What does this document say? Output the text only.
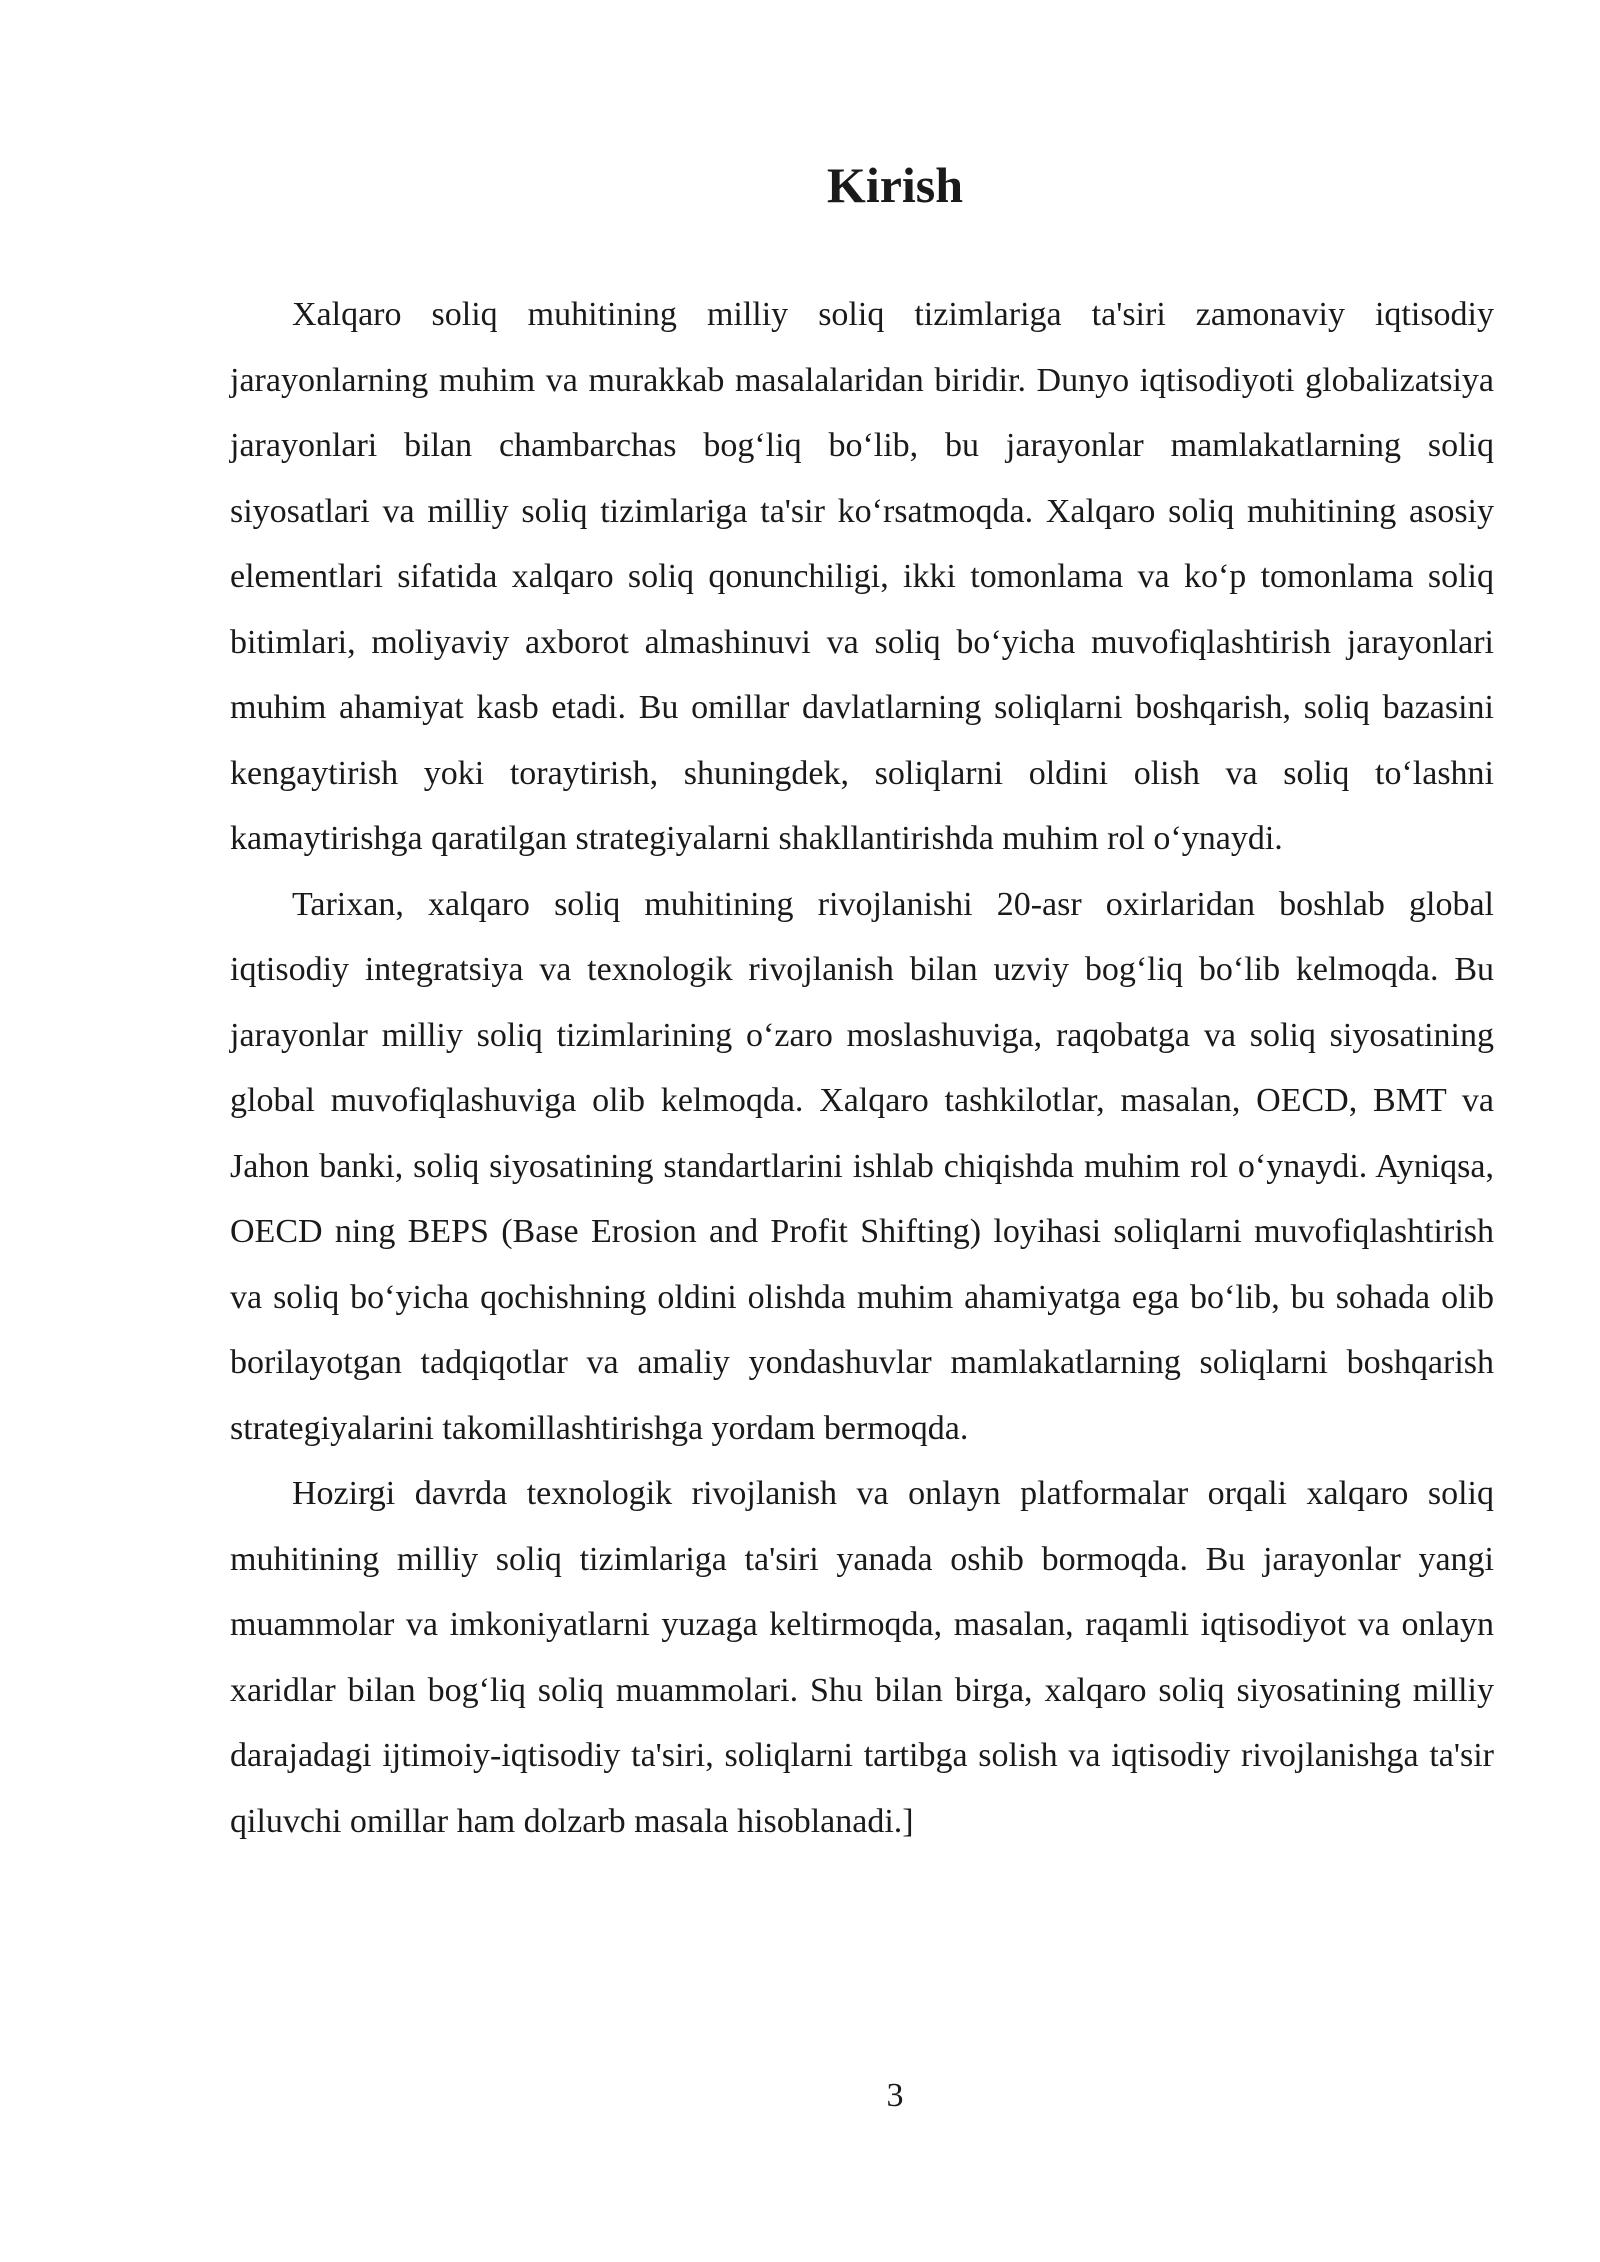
Kirish

Xalqaro soliq muhitining milliy soliq tizimlariga ta'siri zamonaviy iqtisodiy jarayonlarning muhim va murakkab masalalaridan biridir. Dunyo iqtisodiyoti globalizatsiya jarayonlari bilan chambarchas bog‘liq bo‘lib, bu jarayonlar mamlakatlarning soliq siyosatlari va milliy soliq tizimlariga ta'sir ko‘rsatmoqda. Xalqaro soliq muhitining asosiy elementlari sifatida xalqaro soliq qonunchiligi, ikki tomonlama va ko‘p tomonlama soliq bitimlari, moliyaviy axborot almashinuvi va soliq bo‘yicha muvofiqlashtirish jarayonlari muhim ahamiyat kasb etadi. Bu omillar davlatlarning soliqlarni boshqarish, soliq bazasini kengaytirish yoki toraytirish, shuningdek, soliqlarni oldini olish va soliq to‘lashni kamaytirishga qaratilgan strategiyalarni shakllantirishda muhim rol o‘ynaydi.

Tarixan, xalqaro soliq muhitining rivojlanishi 20-asr oxirlaridan boshlab global iqtisodiy integratsiya va texnologik rivojlanish bilan uzviy bog‘liq bo‘lib kelmoqda. Bu jarayonlar milliy soliq tizimlarining o‘zaro moslashuviga, raqobatga va soliq siyosatining global muvofiqlashuviga olib kelmoqda. Xalqaro tashkilotlar, masalan, OECD, BMT va Jahon banki, soliq siyosatining standartlarini ishlab chiqishda muhim rol o‘ynaydi. Ayniqsa, OECD ning BEPS (Base Erosion and Profit Shifting) loyihasi soliqlarni muvofiqlashtirish va soliq bo‘yicha qochishning oldini olishda muhim ahamiyatga ega bo‘lib, bu sohada olib borilayotgan tadqiqotlar va amaliy yondashuvlar mamlakatlarning soliqlarni boshqarish strategiyalarini takomillashtirishga yordam bermoqda.

Hozirgi davrda texnologik rivojlanish va onlayn platformalar orqali xalqaro soliq muhitining milliy soliq tizimlariga ta'siri yanada oshib bormoqda. Bu jarayonlar yangi muammolar va imkoniyatlarni yuzaga keltirmoqda, masalan, raqamli iqtisodiyot va onlayn xaridlar bilan bog‘liq soliq muammolari. Shu bilan birga, xalqaro soliq siyosatining milliy darajadagi ijtimoiy-iqtisodiy ta'siri, soliqlarni tartibga solish va iqtisodiy rivojlanishga ta'sir qiluvchi omillar ham dolzarb masala hisoblanadi.]

3
